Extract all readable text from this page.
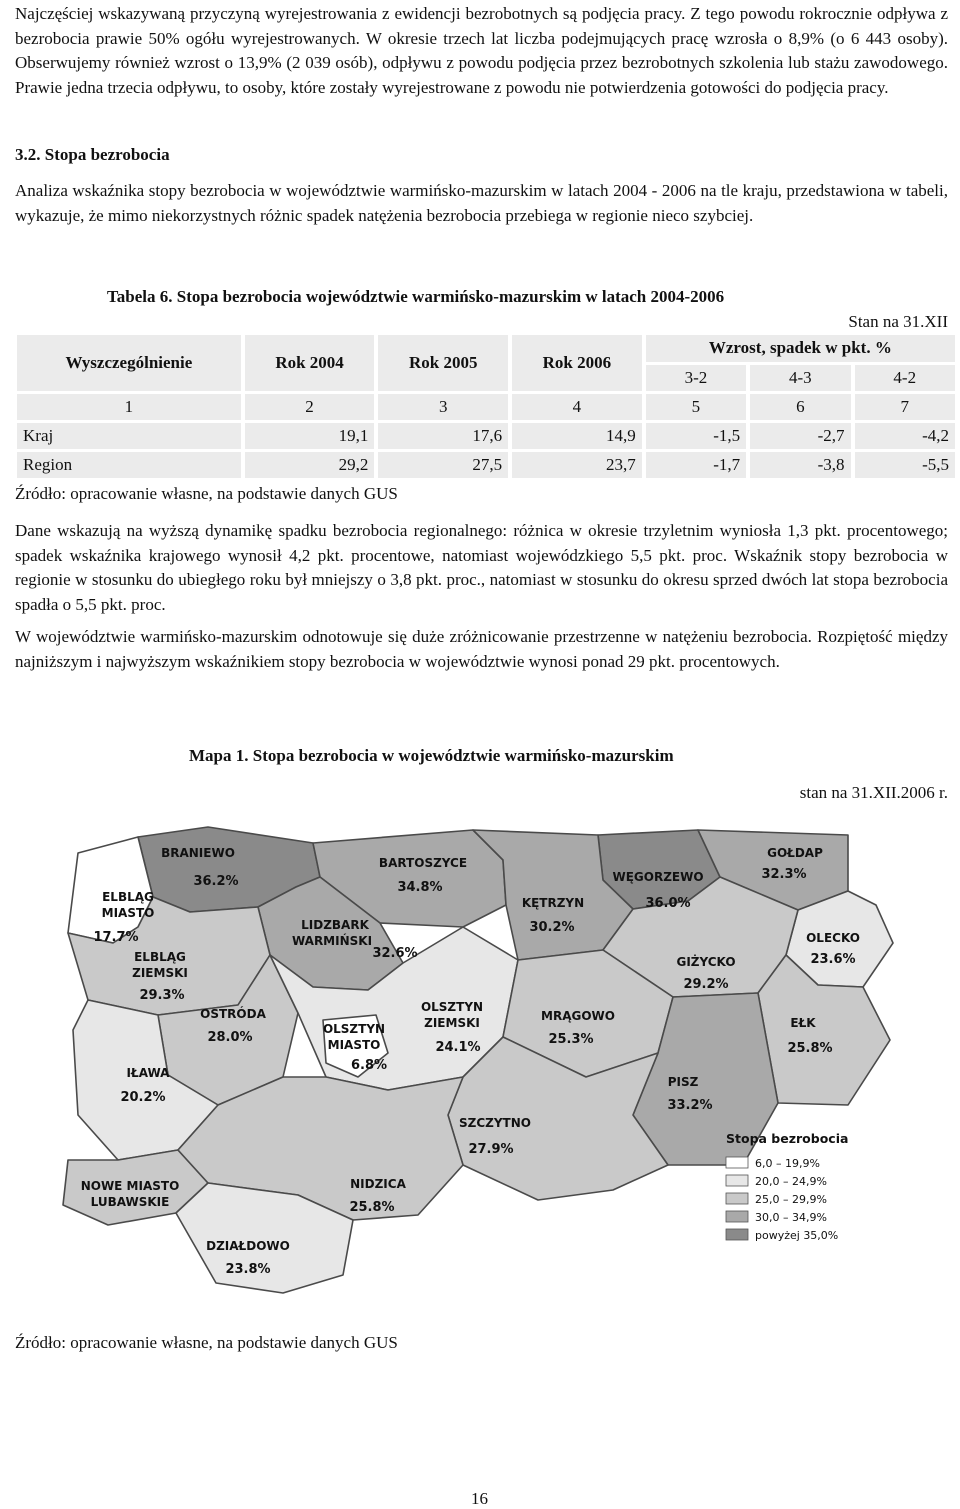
Najczęściej wskazywaną przyczyną wyrejestrowania z ewidencji bezrobotnych są podjęcia pracy. Z tego powodu rokrocznie odpływa z bezrobocia prawie 50% ogółu wyrejestrowanych. W okresie trzech lat liczba podejmujących pracę wzrosła o 8,9% (o 6 443 osoby). Obserwujemy również wzrost o 13,9% (2 039 osób), odpływu z powodu podjęcia przez bezrobotnych szkolenia lub stażu zawodowego. Prawie jedna trzecia odpływu, to osoby, które zostały wyrejestrowane z powodu nie potwierdzenia gotowości do podjęcia pracy.

3.2. Stopa bezrobocia

Analiza wskaźnika stopy bezrobocia w województwie warmińsko-mazurskim w latach 2004 - 2006 na tle kraju, przedstawiona w tabeli, wykazuje, że mimo niekorzystnych różnic spadek natężenia bezrobocia przebiega w regionie nieco szybciej.

Tabela 6. Stopa bezrobocia województwie warmińsko-mazurskim w latach 2004-2006
Stan na 31.XII
Wyszczególnienie	Rok 2004	Rok 2005	Rok 2006	Wzrost, spadek w pkt. %		
				3-2	4-3	4-2
1	2	3	4	5	6	7
Kraj	19,1	17,6	14,9	-1,5	-2,7	-4,2
Region	29,2	27,5	23,7	-1,7	-3,8	-5,5
Źródło: opracowanie własne, na podstawie danych GUS

Dane wskazują na wyższą dynamikę spadku bezrobocia regionalnego: różnica w okresie trzyletnim wyniosła 1,3 pkt. procentowego; spadek wskaźnika krajowego wynosił 4,2 pkt. procentowe, natomiast wojewódzkiego 5,5 pkt. proc. Wskaźnik stopy bezrobocia w regionie w stosunku do ubiegłego roku był mniejszy o 3,8 pkt. proc., natomiast w stosunku do okresu sprzed dwóch lat stopa bezrobocia spadła o 5,5 pkt. proc.

W województwie warmińsko-mazurskim odnotowuje się duże zróżnicowanie przestrzenne w natężeniu bezrobocia. Rozpiętość między najniższym i najwyższym wskaźnikiem stopy bezrobocia w województwie wynosi ponad 29 pkt. procentowych.

Mapa 1. Stopa bezrobocia w województwie warmińsko-mazurskim
stan na 31.XII.2006 r.
BRANIEWO
36.2%
BARTOSZYCE
34.8%
WĘGORZEWO
36.0%
GOŁDAP
32.3%
ELBLĄG
MIASTO
17.7%
LIDZBARK
WARMIŃSKI
32.6%
KĘTRZYN
30.2%
OLECKO
23.6%
ELBLĄG
ZIEMSKI
29.3%
GIŻYCKO
29.2%
OSTRÓDA
28.0%
OLSZTYN
ZIEMSKI
24.1%
MRĄGOWO
25.3%
EŁK
25.8%
OLSZTYN
MIASTO
6.8%
IŁAWA
20.2%
PISZ
33.2%
SZCZYTNO
27.9%
NOWE MIASTO
LUBAWSKIE
NIDZICA
25.8%
DZIAŁDOWO
23.8%
Stopa bezrobocia
6,0 – 19,9%
20,0 – 24,9%
25,0 – 29,9%
30,0 – 34,9%
powyżej 35,0%
Źródło: opracowanie własne, na podstawie danych GUS
16
